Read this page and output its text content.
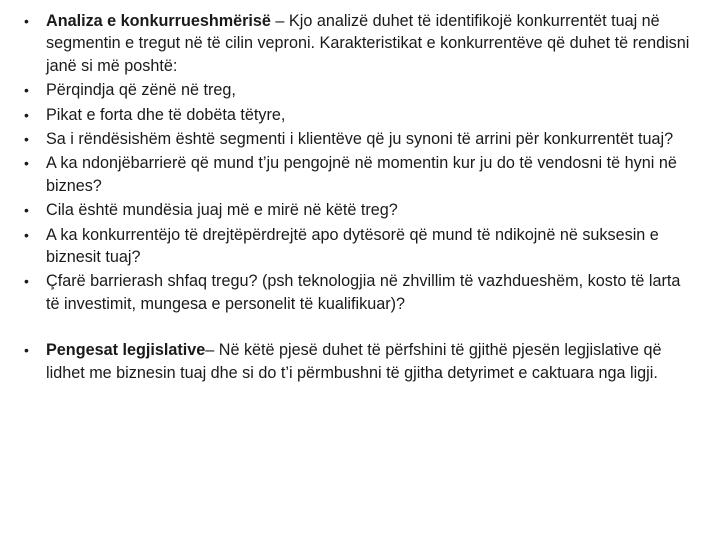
• Analiza e konkurrueshmërisë – Kjo analizë duhet të identifikojë konkurrentët tuaj në segmentin e tregut në të cilin veproni. Karakteristikat e konkurrentëve që duhet të rendisni janë si më poshtë:
• Përqindja që zënë në treg,
• Pikat e forta dhe të dobëta tëtyre,
• Sa i rëndësishëm është segmenti i klientëve që ju synoni të arrini për konkurrentët tuaj?
• A ka ndonjëbarrierë që mund t’ju pengojnë në momentin kur ju do të vendosni të hyni në biznes?
• Cila është mundësia juaj më e mirë në këtë treg?
• A ka konkurrentëjo të drejtëpërdrejtë apo dytësorë që mund të ndikojnë në suksesin e biznesit tuaj?
• Çfarë barrierash shfaq tregu? (psh teknologjia në zhvillim të vazhdueshëm, kosto të larta të investimit, mungesa e personelit të kualifikuar)?
• Pengesat legjislative– Në këtë pjesë duhet të përfshini të gjithë pjesën legjislative që lidhet me biznesin tuaj dhe si do t’i përmbushni të gjitha detyrimet e caktuara nga ligji.
